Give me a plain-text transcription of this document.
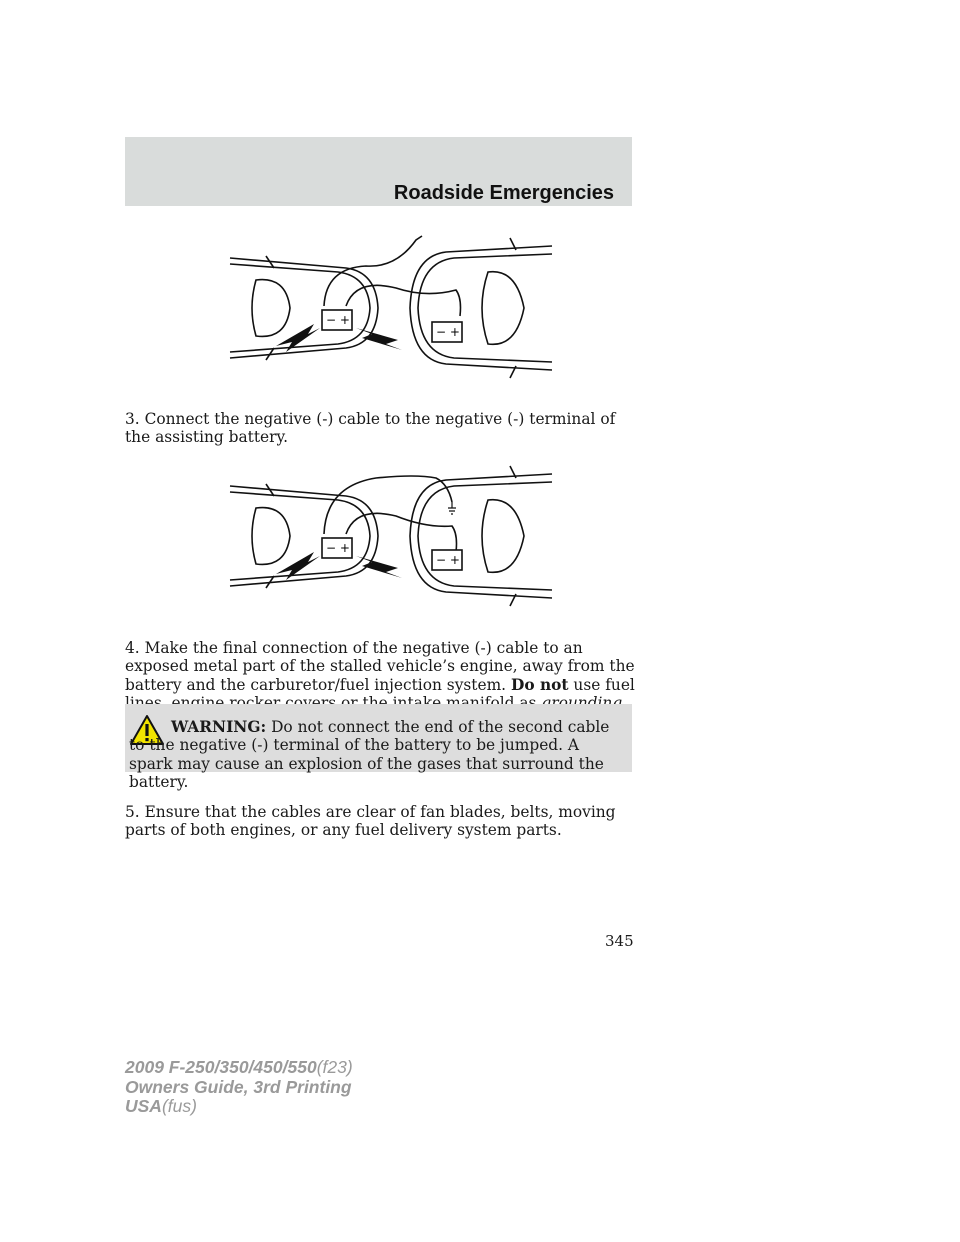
Roadside Emergencies
− +
− +
3. Connect the negative (-) cable to the negative (-) terminal of the assisting battery.
− +
− +
4. Make the final connection of the negative (-) cable to an exposed metal part of the stalled vehicle’s engine, away from the battery and the carburetor/fuel injection system. Do not use fuel
WARNING: Do not connect the end of the second cable to the negative (-) terminal of the battery to be jumped. A spark may cause an explosion of the gases that surround the battery.
5. Ensure that the cables are clear of fan blades, belts, moving parts of both engines, or any fuel delivery system parts.
345
2009 F-250/350/450/550(f23)
Owners Guide, 3rd Printing
USA(fus)
